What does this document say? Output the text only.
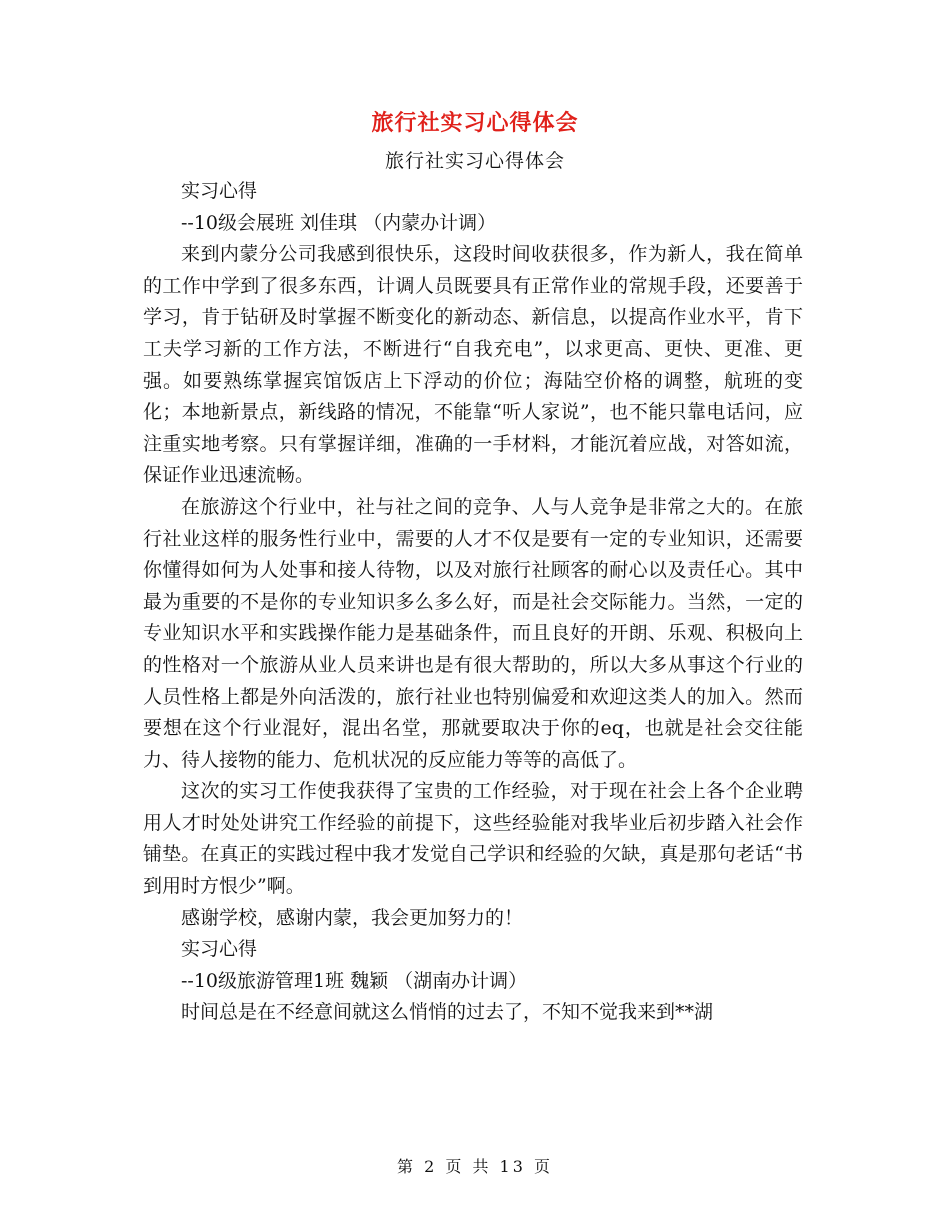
旅行社实习心得体会
旅行社实习心得体会

实习心得

--10级会展班 刘佳琪 （内蒙办计调）

来到内蒙分公司我感到很快乐，这段时间收获很多，作为新人，我在简单的工作中学到了很多东西，计调人员既要具有正常作业的常规手段，还要善于学习，肯于钻研及时掌握不断变化的新动态、新信息，以提高作业水平，肯下工夫学习新的工作方法，不断进行“自我充电”，以求更高、更快、更准、更强。如要熟练掌握宾馆饭店上下浮动的价位；海陆空价格的调整，航班的变化；本地新景点，新线路的情况，不能靠“听人家说”，也不能只靠电话问，应注重实地考察。只有掌握详细，准确的一手材料，才能沉着应战，对答如流，保证作业迅速流畅。

在旅游这个行业中，社与社之间的竞争、人与人竞争是非常之大的。在旅行社业这样的服务性行业中，需要的人才不仅是要有一定的专业知识，还需要你懂得如何为人处事和接人待物，以及对旅行社顾客的耐心以及责任心。其中最为重要的不是你的专业知识多么多么好，而是社会交际能力。当然，一定的专业知识水平和实践操作能力是基础条件，而且良好的开朗、乐观、积极向上的性格对一个旅游从业人员来讲也是有很大帮助的，所以大多从事这个行业的人员性格上都是外向活泼的，旅行社业也特别偏爱和欢迎这类人的加入。然而要想在这个行业混好，混出名堂，那就要取决于你的eq，也就是社会交往能力、待人接物的能力、危机状况的反应能力等等的高低了。

这次的实习工作使我获得了宝贵的工作经验，对于现在社会上各个企业聘用人才时处处讲究工作经验的前提下，这些经验能对我毕业后初步踏入社会作铺垫。在真正的实践过程中我才发觉自己学识和经验的欠缺，真是那句老话“书到用时方恨少”啊。

感谢学校，感谢内蒙，我会更加努力的！

实习心得

--10级旅游管理1班 魏颖 （湖南办计调）

时间总是在不经意间就这么悄悄的过去了，不知不觉我来到**湖

第 2 页 共 13 页
